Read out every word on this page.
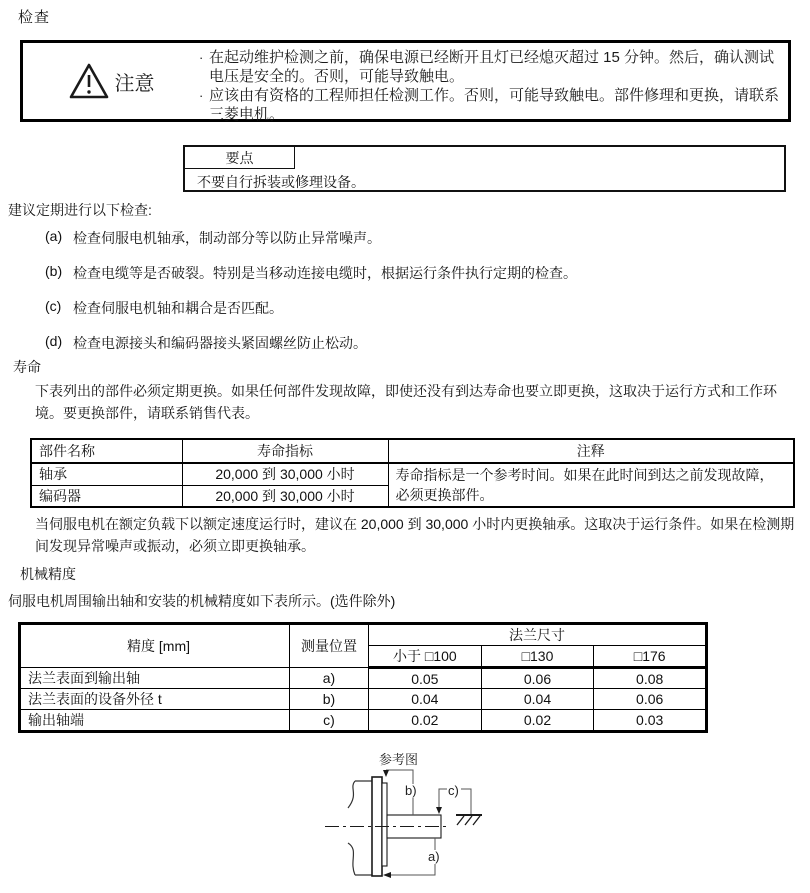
检查
注意
· 在起动维护检测之前，确保电源已经断开且灯已经熄灭超过 15 分钟。然后，确认测试电压是安全的。否则，可能导致触电。
· 应该由有资格的工程师担任检测工作。否则，可能导致触电。部件修理和更换，请联系三菱电机。
要点
不要自行拆装或修理设备。
建议定期进行以下检查:
(a) 检查伺服电机轴承，制动部分等以防止异常噪声。
(b) 检查电缆等是否破裂。特别是当移动连接电缆时，根据运行条件执行定期的检查。
(c) 检查伺服电机轴和耦合是否匹配。
(d) 检查电源接头和编码器接头紧固螺丝防止松动。
寿命

下表列出的部件必须定期更换。如果任何部件发现故障，即使还没有到达寿命也要立即更换，这取决于运行方式和工作环境。要更换部件，请联系销售代表。

部件名称	寿命指标	注释
轴承	20,000 到 30,000 小时	寿命指标是一个参考时间。如果在此时间到达之前发现故障，必须更换部件。
编码器	20,000 到 30,000 小时	

当伺服电机在额定负载下以额定速度运行时，建议在 20,000 到 30,000 小时内更换轴承。这取决于运行条件。如果在检测期间发现异常噪声或振动，必须立即更换轴承。

机械精度

伺服电机周围输出轴和安装的机械精度如下表所示。(选件除外)

精度 [mm]	测量位置	法兰尺寸		
		小于 □100	□130	□176
法兰表面到输出轴	a)	0.05	0.06	0.08
法兰表面的设备外径 t	b)	0.04	0.04	0.06
输出轴端	c)	0.02	0.02	0.03
参考图
b) c)
a)
